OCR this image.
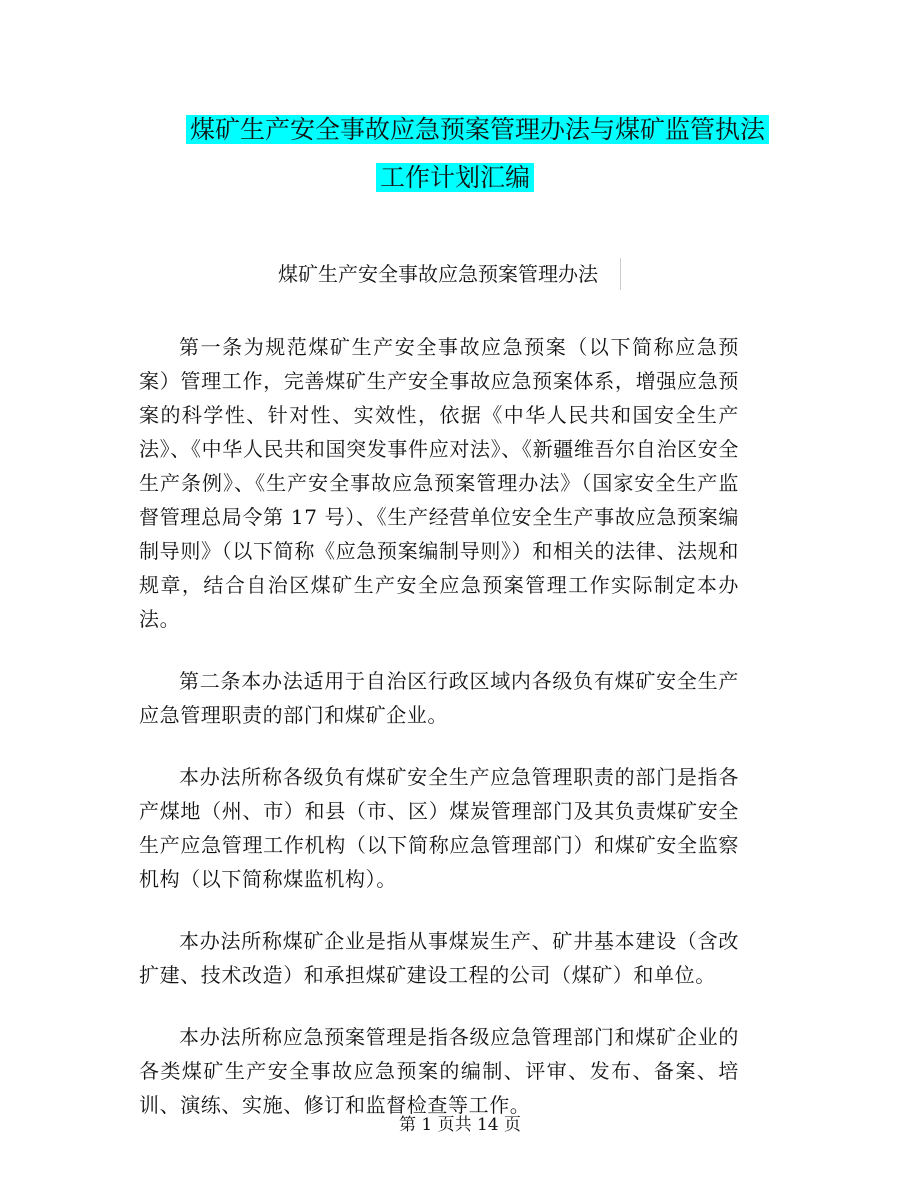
煤矿生产安全事故应急预案管理办法与煤矿监管执法
工作计划汇编
煤矿生产安全事故应急预案管理办法

第一条为规范煤矿生产安全事故应急预案（以下简称应急预案）管理工作，完善煤矿生产安全事故应急预案体系，增强应急预案的科学性、针对性、实效性，依据《中华人民共和国安全生产法》、《中华人民共和国突发事件应对法》、《新疆维吾尔自治区安全生产条例》、《生产安全事故应急预案管理办法》（国家安全生产监督管理总局令第 17 号）、《生产经营单位安全生产事故应急预案编制导则》（以下简称《应急预案编制导则》）和相关的法律、法规和规章，结合自治区煤矿生产安全应急预案管理工作实际制定本办法。

第二条本办法适用于自治区行政区域内各级负有煤矿安全生产应急管理职责的部门和煤矿企业。

本办法所称各级负有煤矿安全生产应急管理职责的部门是指各产煤地（州、市）和县（市、区）煤炭管理部门及其负责煤矿安全生产应急管理工作机构（以下简称应急管理部门）和煤矿安全监察机构（以下简称煤监机构）。

本办法所称煤矿企业是指从事煤炭生产、矿井基本建设（含改扩建、技术改造）和承担煤矿建设工程的公司（煤矿）和单位。

本办法所称应急预案管理是指各级应急管理部门和煤矿企业的各类煤矿生产安全事故应急预案的编制、评审、发布、备案、培训、演练、实施、修订和监督检查等工作。

第 1 页共 14 页
